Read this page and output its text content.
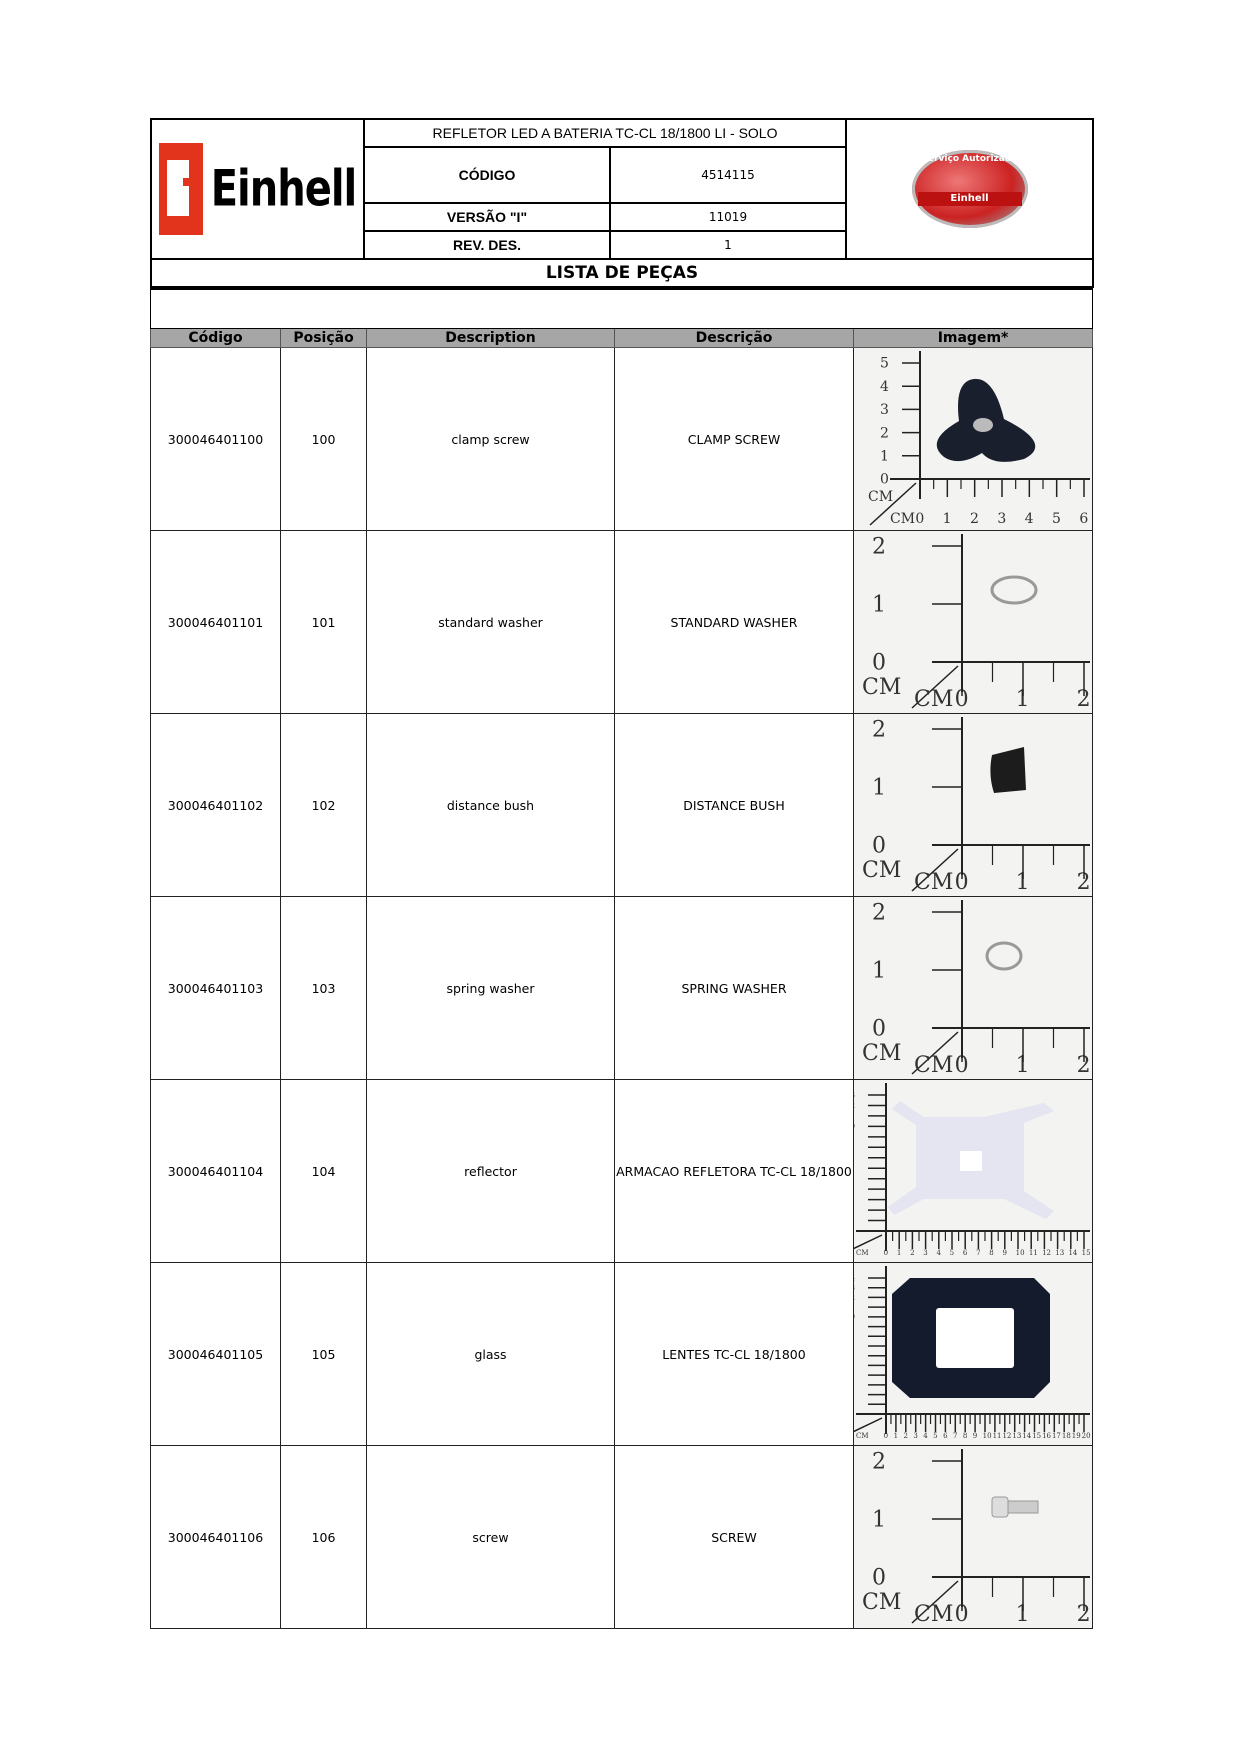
Einhell	REFLETOR LED A BATERIA TC-CL 18/1800 LI - SOLO		Serviço Autorizado
Einhell

	CÓDIGO	4514115	
	VERSÃO "I"	11019	
	REV. DES.	1	
LISTA DE PEÇAS			

Código	Posição	Description	Descrição	Imagem*
300046401100	100	clamp screw	CLAMP SCREW	
5
4
3
2
1
0
CM
CM 0 1 2 3 4 5 6

300046401101	101	standard washer	STANDARD WASHER	
2
1
0
CM CM 0 1 2

300046401102	102	distance bush	DISTANCE BUSH	
2
1
0
CM CM 0 1 2

300046401103	103	spring washer	SPRING WASHER	
2
1
0
CM CM 0 1 2

300046401104	104	reflector	ARMACAO REFLETORA TC-CL 18/1800	
CM 0 1 2 3 4 5 6 7 8 9 10 11 12 13 14 15

300046401105	105	glass	LENTES TC-CL 18/1800	
CM 0 1 2 3 4 5 6 7 8 9 10 11 12 13 14 15 16 17 18 19 20

300046401106	106	screw	SCREW	
2
1
0
CM CM 0 1 2
